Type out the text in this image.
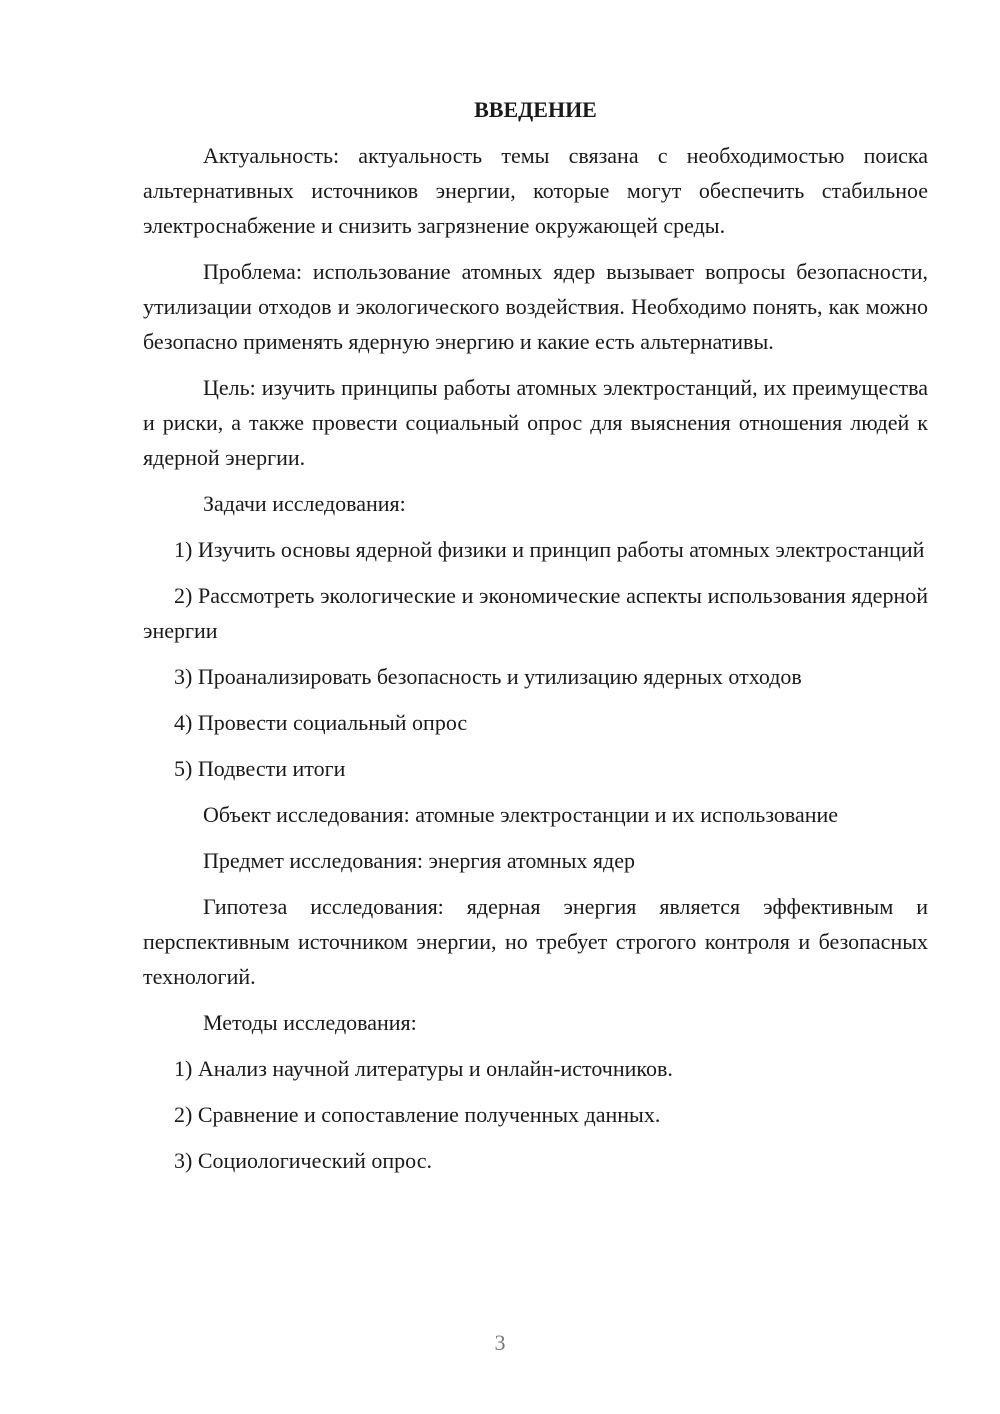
ВВЕДЕНИЕ

Актуальность: актуальность темы связана с необходимостью поиска альтернативных источников энергии, которые могут обеспечить стабильное электроснабжение и снизить загрязнение окружающей среды.

Проблема: использование атомных ядер вызывает вопросы безопасности, утилизации отходов и экологического воздействия. Необходимо понять, как можно безопасно применять ядерную энергию и какие есть альтернативы.

Цель: изучить принципы работы атомных электростанций, их преимущества и риски, а также провести социальный опрос для выяснения отношения людей к ядерной энергии.

Задачи исследования:

1) Изучить основы ядерной физики и принцип работы атомных электростанций

2) Рассмотреть экологические и экономические аспекты использования ядерной энергии

3) Проанализировать безопасность и утилизацию ядерных отходов

4) Провести социальный опрос

5) Подвести итоги

Объект исследования: атомные электростанции и их использование

Предмет исследования: энергия атомных ядер

Гипотеза исследования: ядерная энергия является эффективным и перспективным источником энергии, но требует строгого контроля и безопасных технологий.

Методы исследования:

1) Анализ научной литературы и онлайн-источников.

2) Сравнение и сопоставление полученных данных.

3) Социологический опрос.

3
